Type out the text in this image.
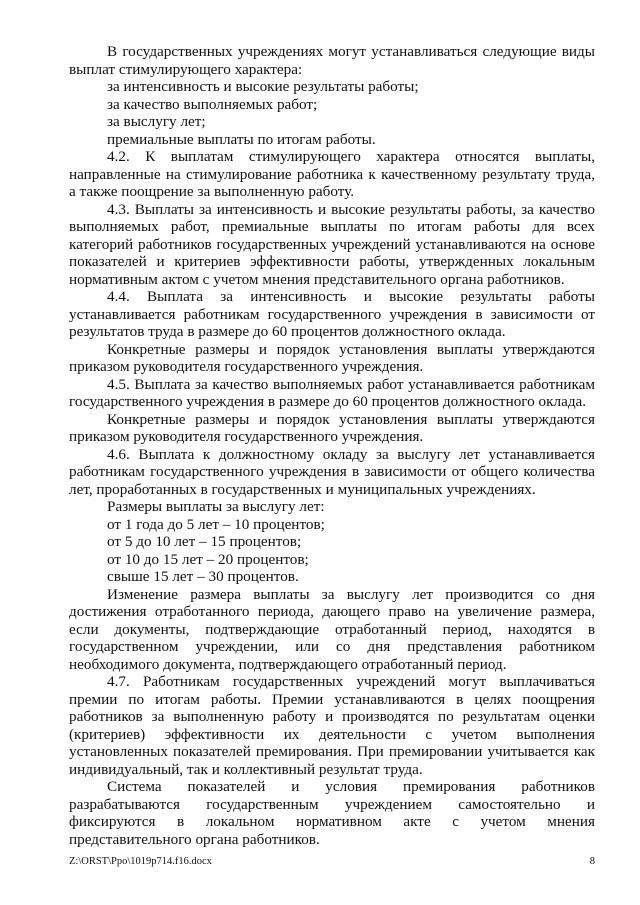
В государственных учреждениях могут устанавливаться следующие виды выплат стимулирующего характера:

за интенсивность и высокие результаты работы;

за качество выполняемых работ;

за выслугу лет;

премиальные выплаты по итогам работы.

4.2. К выплатам стимулирующего характера относятся выплаты, направленные на стимулирование работника к качественному результату труда, а также поощрение за выполненную работу.

4.3. Выплаты за интенсивность и высокие результаты работы, за качество выполняемых работ, премиальные выплаты по итогам работы для всех категорий работников государственных учреждений устанавливаются на основе показателей и критериев эффективности работы, утвержденных локальным нормативным актом с учетом мнения представительного органа работников.

4.4. Выплата за интенсивность и высокие результаты работы устанавливается работникам государственного учреждения в зависимости от результатов труда в размере до 60 процентов должностного оклада.

Конкретные размеры и порядок установления выплаты утверждаются приказом руководителя государственного учреждения.

4.5. Выплата за качество выполняемых работ устанавливается работникам государственного учреждения в размере до 60 процентов должностного оклада.

Конкретные размеры и порядок установления выплаты утверждаются приказом руководителя государственного учреждения.

4.6. Выплата к должностному окладу за выслугу лет устанавливается работникам государственного учреждения в зависимости от общего количества лет, проработанных в государственных и муниципальных учреждениях.

Размеры выплаты за выслугу лет:

от 1 года до 5 лет – 10 процентов;

от 5 до 10 лет – 15 процентов;

от 10 до 15 лет – 20 процентов;

свыше 15 лет – 30 процентов.

Изменение размера выплаты за выслугу лет производится со дня достижения отработанного периода, дающего право на увеличение размера, если документы, подтверждающие отработанный период, находятся в государственном учреждении, или со дня представления работником необходимого документа, подтверждающего отработанный период.

4.7. Работникам государственных учреждений могут выплачиваться премии по итогам работы. Премии устанавливаются в целях поощрения работников за выполненную работу и производятся по результатам оценки (критериев) эффективности их деятельности с учетом выполнения установленных показателей премирования. При премировании учитывается как индивидуальный, так и коллективный результат труда.

Система показателей и условия премирования работников разрабатываются государственным учреждением самостоятельно и фиксируются в локальном нормативном акте с учетом мнения представительного органа работников.

Z:\ORST\Ppo\1019p714.f16.docx	8
